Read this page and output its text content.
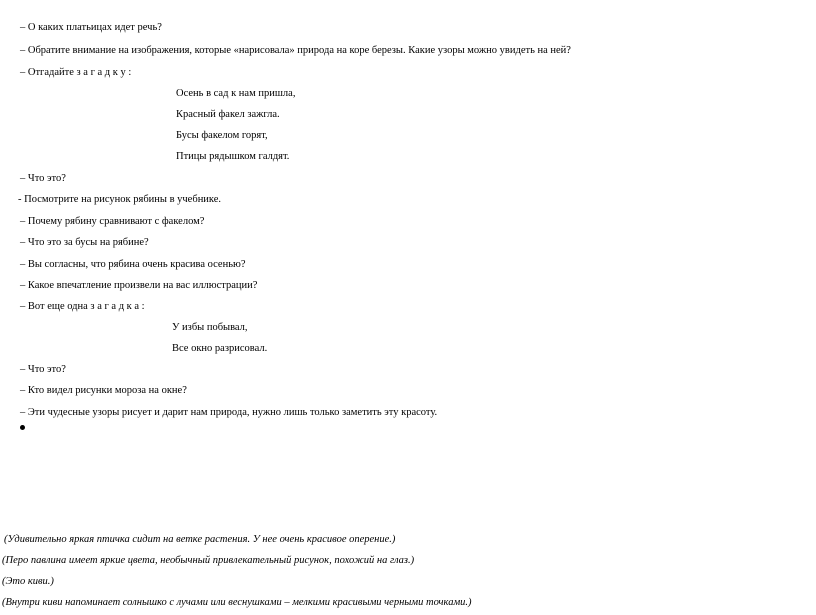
– О каких платьицах идет речь?
– Обратите внимание на изображения, которые «нарисовала» природа на коре березы. Какие узоры можно увидеть на ней?
– Отгадайте з а г а д к у :
Осень в сад к нам пришла,
Красный факел зажгла.
Бусы факелом горят,
Птицы рядышком галдят.
– Что это?
- Посмотрите на рисунок рябины в учебнике.
– Почему рябину сравнивают с факелом?
– Что это за бусы на рябине?
– Вы согласны, что рябина очень красива осенью?
– Какое впечатление произвели на вас иллюстрации?
– Вот еще одна з а г а д к а :
У избы побывал,
Все окно разрисовал.
– Что это?
– Кто видел рисунки мороза на окне?
– Эти чудесные узоры рисует и дарит нам природа, нужно лишь только заметить эту красоту.
(Удивительно яркая птичка сидит на ветке растения. У нее очень красивое оперение.)
(Перо павлина имеет яркие цвета, необычный привлекательный рисунок, похожий на глаз.)
(Это киви.)
(Внутри киви напоминает солнышко с лучами или веснушками – мелкими красивыми черными точками.)
